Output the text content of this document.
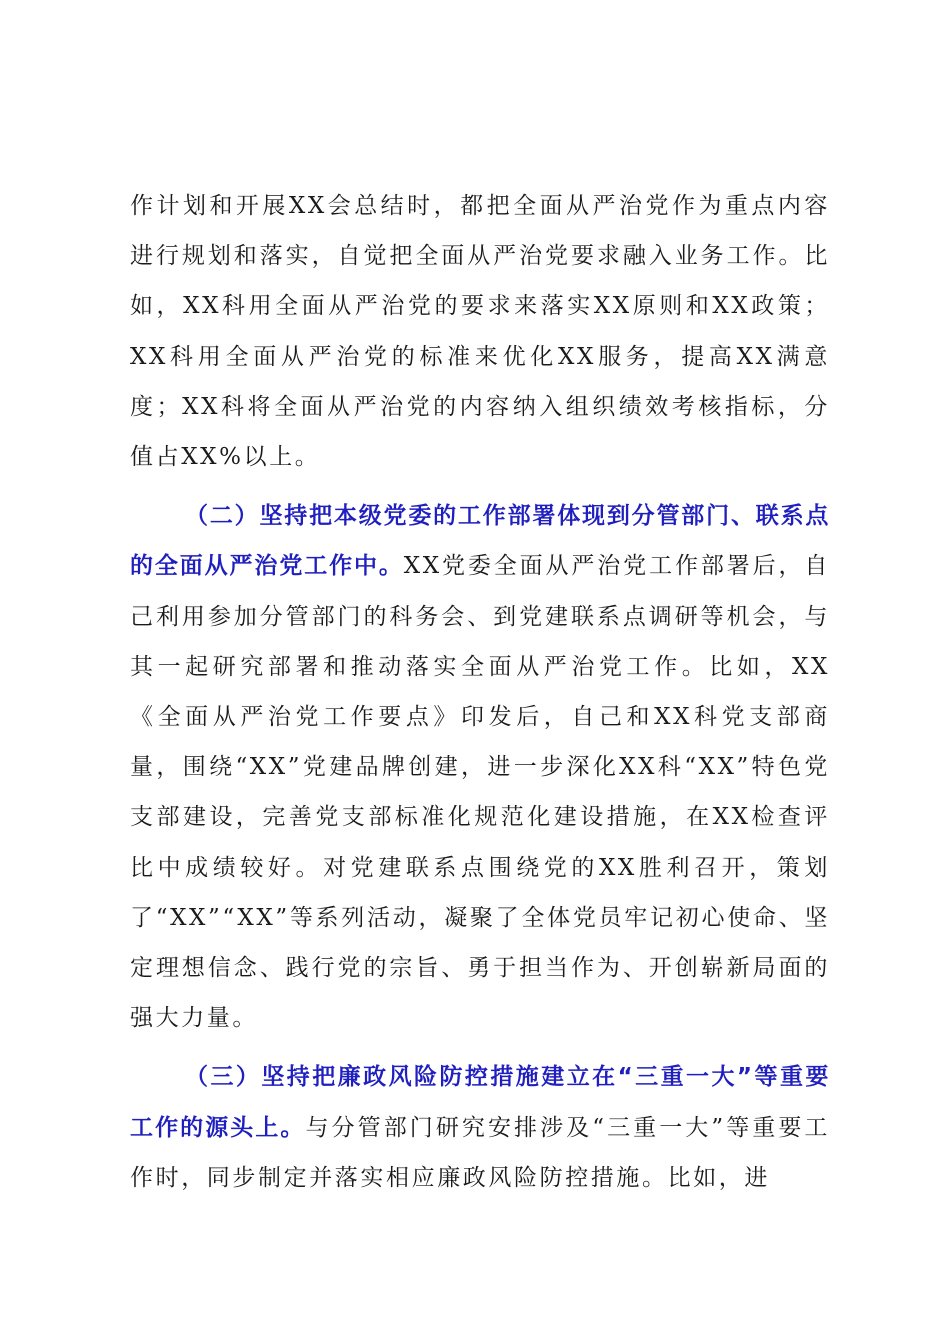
作计划和开展XX会总结时，都把全面从严治党作为重点内容进行规划和落实，自觉把全面从严治党要求融入业务工作。比如，XX科用全面从严治党的要求来落实XX原则和XX政策；XX科用全面从严治党的标准来优化XX服务，提高XX满意度；XX科将全面从严治党的内容纳入组织绩效考核指标，分值占XX%以上。

（二）坚持把本级党委的工作部署体现到分管部门、联系点的全面从严治党工作中。XX党委全面从严治党工作部署后，自己利用参加分管部门的科务会、到党建联系点调研等机会，与其一起研究部署和推动落实全面从严治党工作。比如，XX《全面从严治党工作要点》印发后，自己和XX科党支部商量，围绕“XX”党建品牌创建，进一步深化XX科“XX”特色党支部建设，完善党支部标准化规范化建设措施，在XX检查评比中成绩较好。对党建联系点围绕党的XX胜利召开，策划了“XX”“XX”等系列活动，凝聚了全体党员牢记初心使命、坚定理想信念、践行党的宗旨、勇于担当作为、开创崭新局面的强大力量。

（三）坚持把廉政风险防控措施建立在“三重一大”等重要工作的源头上。与分管部门研究安排涉及“三重一大”等重要工作时，同步制定并落实相应廉政风险防控措施。比如，进
